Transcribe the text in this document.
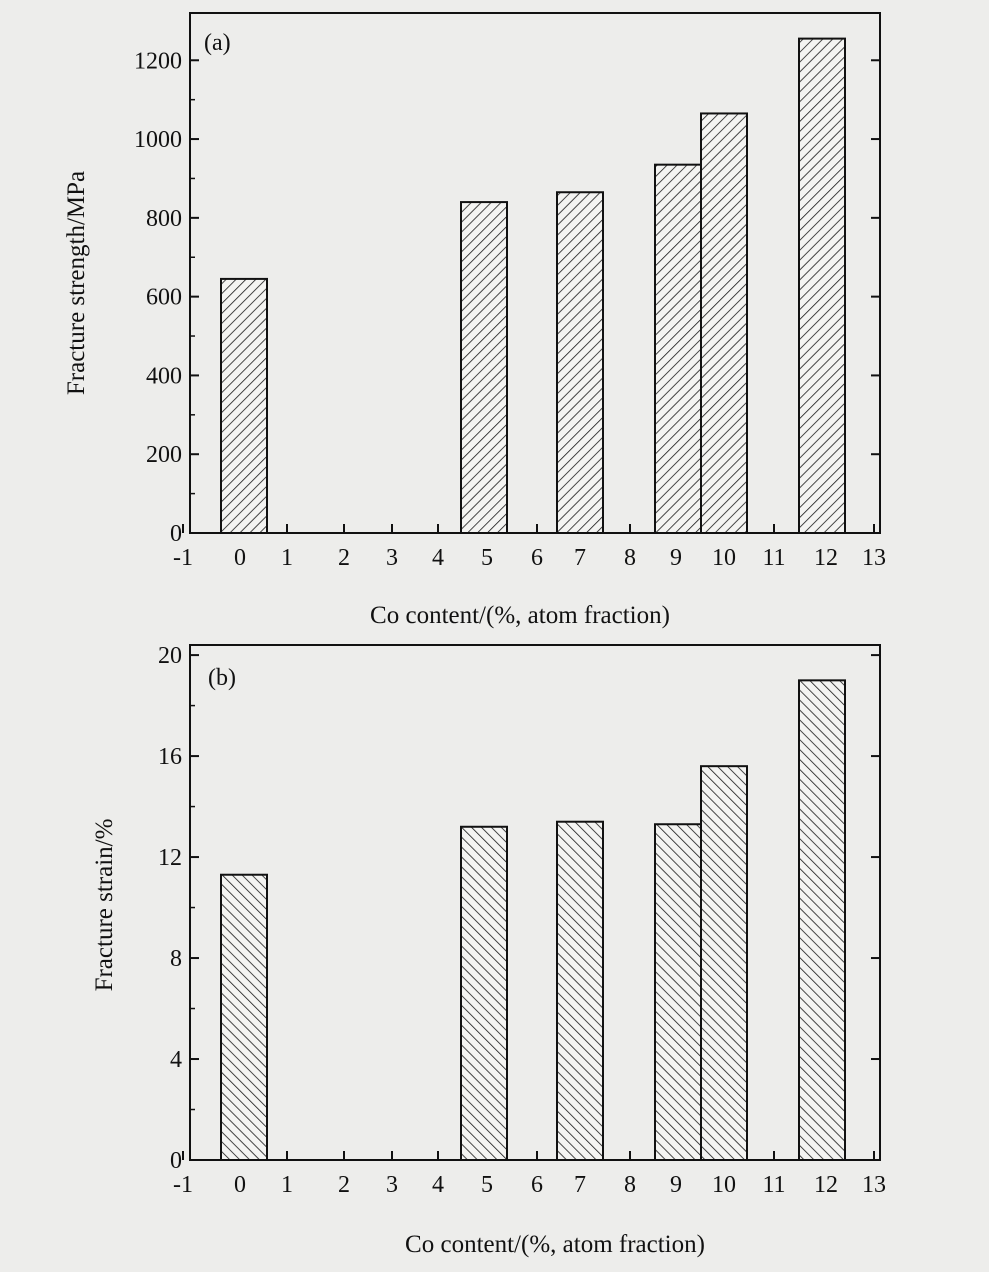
(a)
0
200
400
600
800
1000
1200
-1 0 1 2 3 4 5 6 7 8 9 10 11 12 13
Fracture strength/MPa
Co content/(%, atom fraction)
(b)
0
4
8
12
16
20
-1 0 1 2 3 4 5 6 7 8 9 10 11 12 13
Fracture strain/%
Co content/(%, atom fraction)
